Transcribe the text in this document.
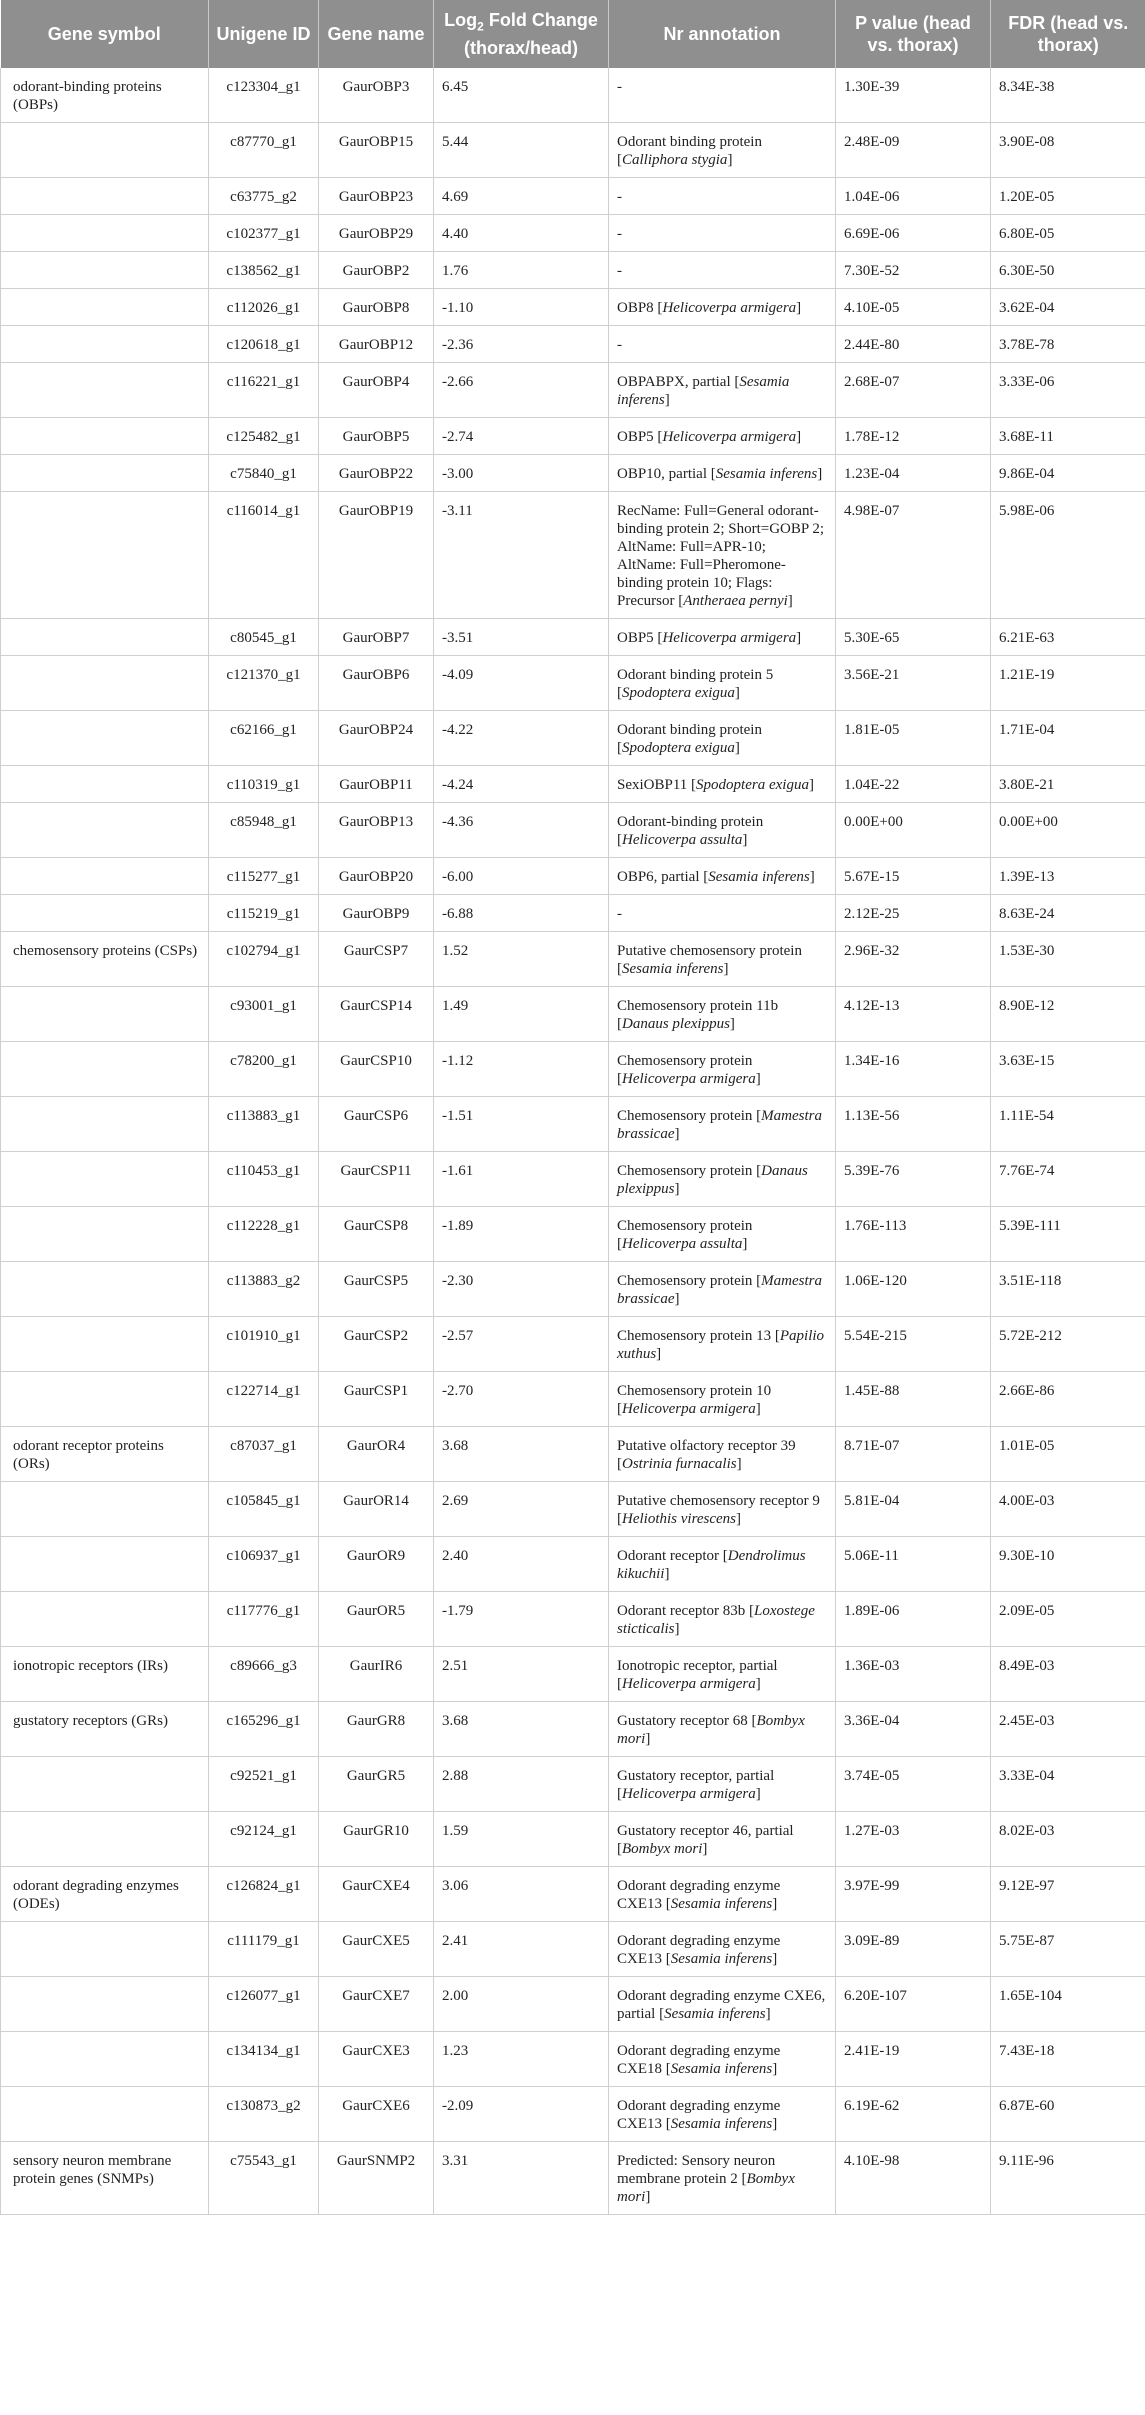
Gene symbol	Unigene ID	Gene name	Log$_2$ Fold Change (thorax/head)	Nr annotation	P value (head vs. thorax)	FDR (head vs. thorax)
odorant-binding proteins (OBPs)	c123304_g1	GaurOBP3	6.45	-	1.30E-39	8.34E-38
	c87770_g1	GaurOBP15	5.44	Odorant binding protein [Calliphora stygia]	2.48E-09	3.90E-08
	c63775_g2	GaurOBP23	4.69	-	1.04E-06	1.20E-05
	c102377_g1	GaurOBP29	4.40	-	6.69E-06	6.80E-05
	c138562_g1	GaurOBP2	1.76	-	7.30E-52	6.30E-50
	c112026_g1	GaurOBP8	-1.10	OBP8 [Helicoverpa armigera]	4.10E-05	3.62E-04
	c120618_g1	GaurOBP12	-2.36	-	2.44E-80	3.78E-78
	c116221_g1	GaurOBP4	-2.66	OBPABPX, partial [Sesamia inferens]	2.68E-07	3.33E-06
	c125482_g1	GaurOBP5	-2.74	OBP5 [Helicoverpa armigera]	1.78E-12	3.68E-11
	c75840_g1	GaurOBP22	-3.00	OBP10, partial [Sesamia inferens]	1.23E-04	9.86E-04
	c116014_g1	GaurOBP19	-3.11	RecName: Full=General odorant-binding protein 2; Short=GOBP 2; AltName: Full=APR-10; AltName: Full=Pheromone-binding protein 10; Flags: Precursor [Antheraea pernyi]	4.98E-07	5.98E-06
	c80545_g1	GaurOBP7	-3.51	OBP5 [Helicoverpa armigera]	5.30E-65	6.21E-63
	c121370_g1	GaurOBP6	-4.09	Odorant binding protein 5 [Spodoptera exigua]	3.56E-21	1.21E-19
	c62166_g1	GaurOBP24	-4.22	Odorant binding protein [Spodoptera exigua]	1.81E-05	1.71E-04
	c110319_g1	GaurOBP11	-4.24	SexiOBP11 [Spodoptera exigua]	1.04E-22	3.80E-21
	c85948_g1	GaurOBP13	-4.36	Odorant-binding protein [Helicoverpa assulta]	0.00E+00	0.00E+00
	c115277_g1	GaurOBP20	-6.00	OBP6, partial [Sesamia inferens]	5.67E-15	1.39E-13
	c115219_g1	GaurOBP9	-6.88	-	2.12E-25	8.63E-24
chemosensory proteins (CSPs)	c102794_g1	GaurCSP7	1.52	Putative chemosensory protein [Sesamia inferens]	2.96E-32	1.53E-30
	c93001_g1	GaurCSP14	1.49	Chemosensory protein 11b [Danaus plexippus]	4.12E-13	8.90E-12
	c78200_g1	GaurCSP10	-1.12	Chemosensory protein [Helicoverpa armigera]	1.34E-16	3.63E-15
	c113883_g1	GaurCSP6	-1.51	Chemosensory protein [Mamestra brassicae]	1.13E-56	1.11E-54
	c110453_g1	GaurCSP11	-1.61	Chemosensory protein [Danaus plexippus]	5.39E-76	7.76E-74
	c112228_g1	GaurCSP8	-1.89	Chemosensory protein [Helicoverpa assulta]	1.76E-113	5.39E-111
	c113883_g2	GaurCSP5	-2.30	Chemosensory protein [Mamestra brassicae]	1.06E-120	3.51E-118
	c101910_g1	GaurCSP2	-2.57	Chemosensory protein 13 [Papilio xuthus]	5.54E-215	5.72E-212
	c122714_g1	GaurCSP1	-2.70	Chemosensory protein 10 [Helicoverpa armigera]	1.45E-88	2.66E-86
odorant receptor proteins (ORs)	c87037_g1	GaurOR4	3.68	Putative olfactory receptor 39 [Ostrinia furnacalis]	8.71E-07	1.01E-05
	c105845_g1	GaurOR14	2.69	Putative chemosensory receptor 9 [Heliothis virescens]	5.81E-04	4.00E-03
	c106937_g1	GaurOR9	2.40	Odorant receptor [Dendrolimus kikuchii]	5.06E-11	9.30E-10
	c117776_g1	GaurOR5	-1.79	Odorant receptor 83b [Loxostege sticticalis]	1.89E-06	2.09E-05
ionotropic receptors (IRs)	c89666_g3	GaurIR6	2.51	Ionotropic receptor, partial [Helicoverpa armigera]	1.36E-03	8.49E-03
gustatory receptors (GRs)	c165296_g1	GaurGR8	3.68	Gustatory receptor 68 [Bombyx mori]	3.36E-04	2.45E-03
	c92521_g1	GaurGR5	2.88	Gustatory receptor, partial [Helicoverpa armigera]	3.74E-05	3.33E-04
	c92124_g1	GaurGR10	1.59	Gustatory receptor 46, partial [Bombyx mori]	1.27E-03	8.02E-03
odorant degrading enzymes (ODEs)	c126824_g1	GaurCXE4	3.06	Odorant degrading enzyme CXE13 [Sesamia inferens]	3.97E-99	9.12E-97
	c111179_g1	GaurCXE5	2.41	Odorant degrading enzyme CXE13 [Sesamia inferens]	3.09E-89	5.75E-87
	c126077_g1	GaurCXE7	2.00	Odorant degrading enzyme CXE6, partial [Sesamia inferens]	6.20E-107	1.65E-104
	c134134_g1	GaurCXE3	1.23	Odorant degrading enzyme CXE18 [Sesamia inferens]	2.41E-19	7.43E-18
	c130873_g2	GaurCXE6	-2.09	Odorant degrading enzyme CXE13 [Sesamia inferens]	6.19E-62	6.87E-60
sensory neuron membrane protein genes (SNMPs)	c75543_g1	GaurSNMP2	3.31	Predicted: Sensory neuron membrane protein 2 [Bombyx mori]	4.10E-98	9.11E-96
